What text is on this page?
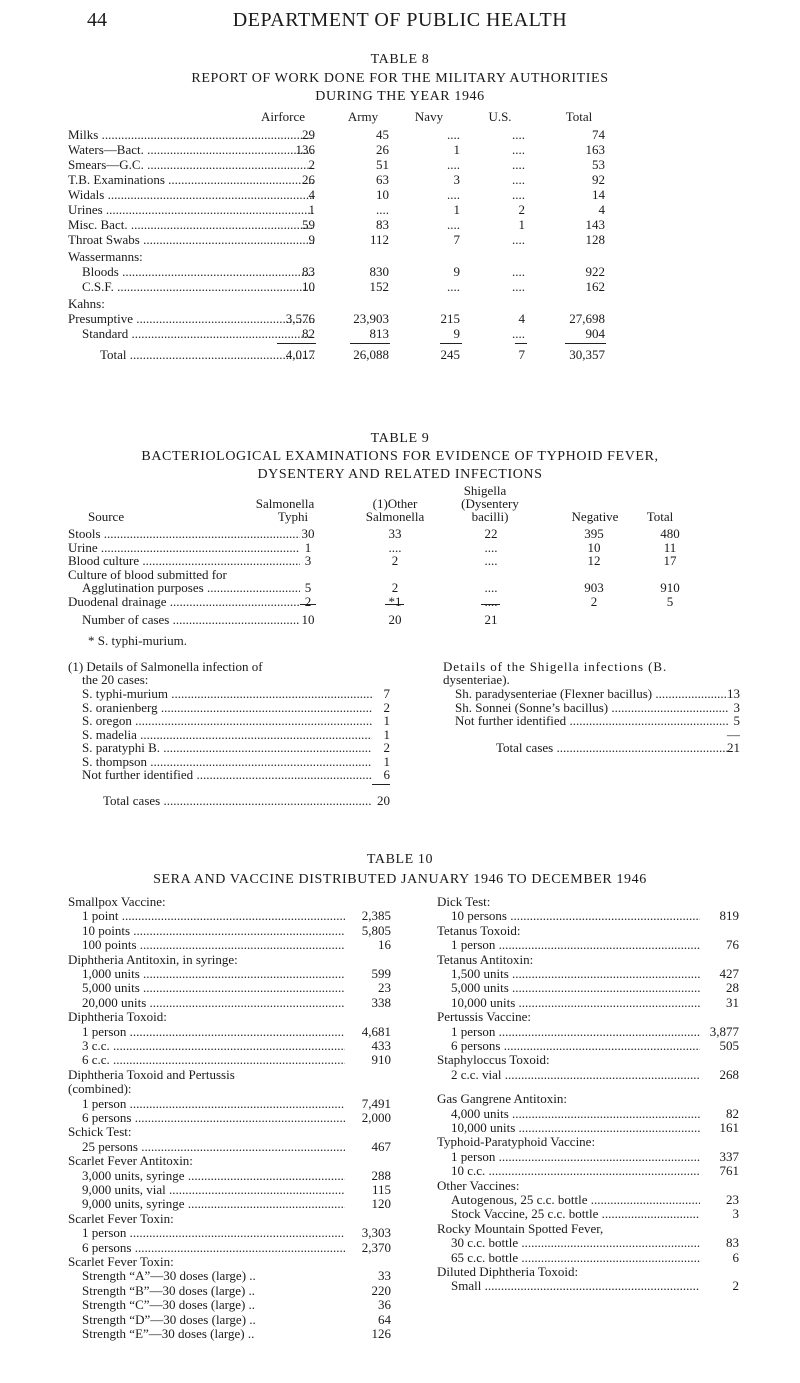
44	DEPARTMENT OF PUBLIC HEALTH
TABLE 8
REPORT OF WORK DONE FOR THE MILITARY AUTHORITIES
DURING THE YEAR 1946
Airforce	Army	Navy	U.S.	Total
Milks .....	29	45	....	....	74
Waters—Bact. .....	136	26	1	....	163
Smears—G.C. .....	2	51	....	....	53
T.B. Examinations .....	26	63	3	....	92
Widals .....	4	10	....	....	14
Urines .....	1	....	1	2	4
Misc. Bact. .....	59	83	....	1	143
Throat Swabs .....	9	112	7	....	128
Wassermanns:
Bloods .....	83	830	9	....	922
C.S.F. .....	10	152	....	....	162
Kahns:
Presumptive .....	3,576	23,903	215	4	27,698
Standard .....	82	813	9	....	904
Total .....	4,017	26,088	245	7	30,357
TABLE 9
BACTERIOLOGICAL EXAMINATIONS FOR EVIDENCE OF TYPHOID FEVER,
DYSENTERY AND RELATED INFECTIONS
Shigella
Salmonella	(1)Other	(Dysentery
Source	Typhi	Salmonella	bacilli)	Negative	Total
Stools .....	30	33	22	395	480
Urine .....	1	....	....	10	11
Blood culture .....	3	2	....	12	17
Culture of blood submitted for
Agglutination purposes .....	5	2	....	903	910
Duodenal drainage .....	2	*1	....	2	5
Number of cases .....	10	20	21
* S. typhi-murium.
(1) Details of Salmonella infection of
the 20 cases:
S. typhi-murium .....	7
S. oranienberg .....	2
S. oregon .....	1
S. madelia .....	1
S. paratyphi B. .....	2
S. thompson .....	1
Not further identified .....	6
Total cases .....	20
Details of the Shigella infections (B.
dysenteriae).
Sh. paradysenteriae (Flexner bacillus) .....	13
Sh. Sonnei (Sonne’s bacillus) .....	3
Not further identified .....	5
—
Total cases .....	21
TABLE 10
SERA AND VACCINE DISTRIBUTED JANUARY 1946 TO DECEMBER 1946
Smallpox Vaccine:
1 point .....	2,385
10 points .....	5,805
100 points .....	16
Diphtheria Antitoxin, in syringe:
1,000 units .....	599
5,000 units .....	23
20,000 units .....	338
Diphtheria Toxoid:
1 person .....	4,681
3 c.c. .....	433
6 c.c. .....	910
Diphtheria Toxoid and Pertussis
(combined):
1 person .....	7,491
6 persons .....	2,000
Schick Test:
25 persons .....	467
Scarlet Fever Antitoxin:
3,000 units, syringe .....	288
9,000 units, vial .....	115
9,000 units, syringe .....	120
Scarlet Fever Toxin:
1 person .....	3,303
6 persons .....	2,370
Scarlet Fever Toxin:
Strength “A”—30 doses (large) ..	33
Strength “B”—30 doses (large) ..	220
Strength “C”—30 doses (large) ..	36
Strength “D”—30 doses (large) ..	64
Strength “E”—30 doses (large) ..	126
Dick Test:
10 persons .....	819
Tetanus Toxoid:
1 person .....	76
Tetanus Antitoxin:
1,500 units .....	427
5,000 units .....	28
10,000 units .....	31
Pertussis Vaccine:
1 person .....	3,877
6 persons .....	505
Staphyloccus Toxoid:
2 c.c. vial .....	268
Gas Gangrene Antitoxin:
4,000 units .....	82
10,000 units .....	161
Typhoid-Paratyphoid Vaccine:
1 person .....	337
10 c.c. .....	761
Other Vaccines:
Autogenous, 25 c.c. bottle .....	23
Stock Vaccine, 25 c.c. bottle .....	3
Rocky Mountain Spotted Fever,
30 c.c. bottle .....	83
65 c.c. bottle .....	6
Diluted Diphtheria Toxoid:
Small .....	2
